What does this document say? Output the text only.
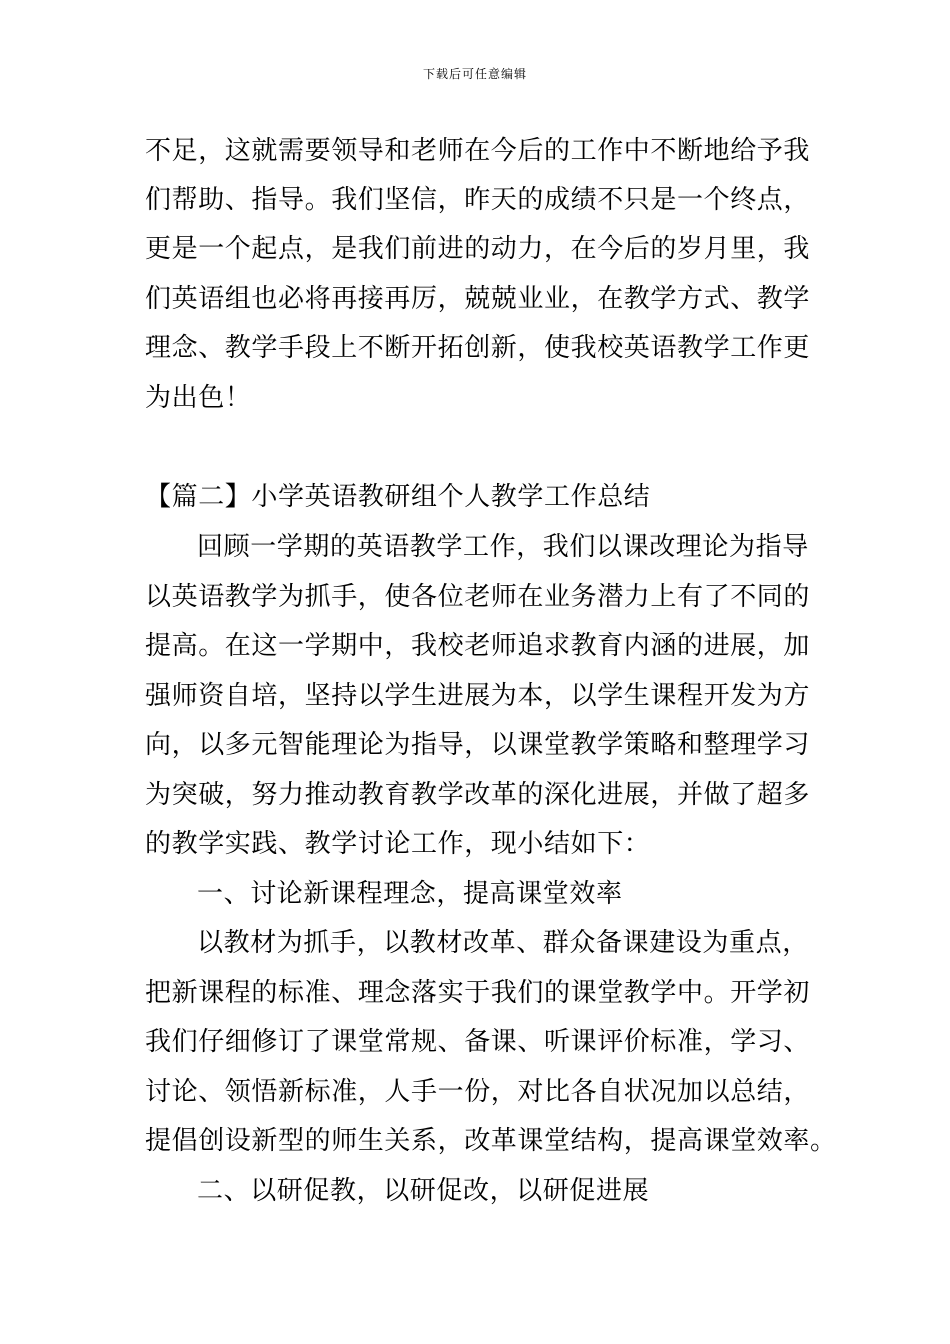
下载后可任意编辑
不足，这就需要领导和老师在今后的工作中不断地给予我
们帮助、指导。我们坚信，昨天的成绩不只是一个终点，
更是一个起点，是我们前进的动力，在今后的岁月里，我
们英语组也必将再接再厉，兢兢业业，在教学方式、教学
理念、教学手段上不断开拓创新，使我校英语教学工作更
为出色！
【篇二】小学英语教研组个人教学工作总结
回顾一学期的英语教学工作，我们以课改理论为指导
以英语教学为抓手，使各位老师在业务潜力上有了不同的
提高。在这一学期中，我校老师追求教育内涵的进展，加
强师资自培，坚持以学生进展为本，以学生课程开发为方
向，以多元智能理论为指导，以课堂教学策略和整理学习
为突破，努力推动教育教学改革的深化进展，并做了超多
的教学实践、教学讨论工作，现小结如下：
一、讨论新课程理念，提高课堂效率
以教材为抓手，以教材改革、群众备课建设为重点，
把新课程的标准、理念落实于我们的课堂教学中。开学初
我们仔细修订了课堂常规、备课、听课评价标准，学习、
讨论、领悟新标准，人手一份，对比各自状况加以总结，
提倡创设新型的师生关系，改革课堂结构，提高课堂效率。
二、以研促教，以研促改，以研促进展
